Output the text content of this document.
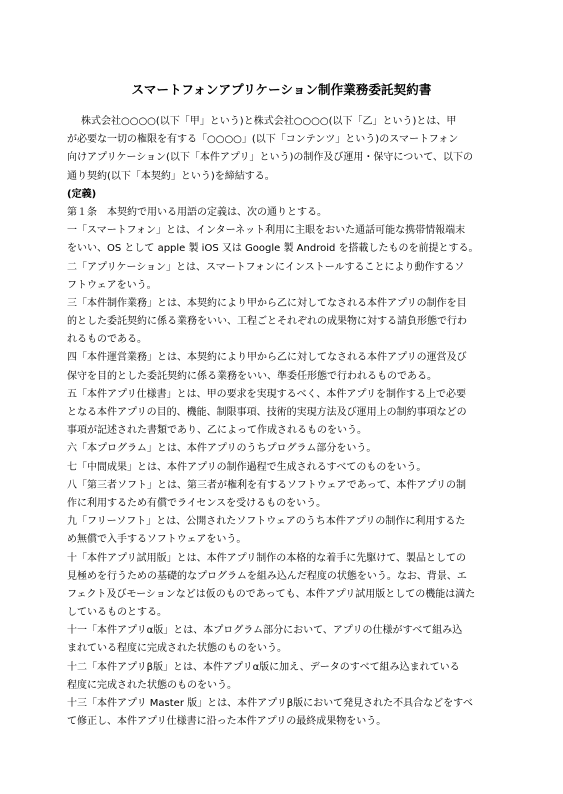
スマートフォンアプリケーション制作業務委託契約書
株式会社○○○○(以下「甲」という)と株式会社○○○○(以下「乙」という)とは、甲
が必要な一切の権限を有する「○○○○」(以下「コンテンツ」という)のスマートフォン
向けアプリケーション(以下「本件アプリ」という)の制作及び運用・保守について、以下の
通り契約(以下「本契約」という)を締結する。
(定義)
第１条　本契約で用いる用語の定義は、次の通りとする。
一「スマートフォン」とは、インターネット利用に主眼をおいた通話可能な携帯情報端末
をいい、OS として apple 製 iOS 又は Google 製 Android を搭載したものを前提とする。
二「アプリケーション」とは、スマートフォンにインストールすることにより動作するソ
フトウェアをいう。
三「本件制作業務」とは、本契約により甲から乙に対してなされる本件アプリの制作を目
的とした委託契約に係る業務をいい、工程ごとそれぞれの成果物に対する請負形態で行わ
れるものである。
四「本件運営業務」とは、本契約により甲から乙に対してなされる本件アプリの運営及び
保守を目的とした委託契約に係る業務をいい、準委任形態で行われるものである。
五「本件アプリ仕様書」とは、甲の要求を実現するべく、本件アプリを制作する上で必要
となる本件アプリの目的、機能、制限事項、技術的実現方法及び運用上の制約事項などの
事項が記述された書類であり、乙によって作成されるものをいう。
六「本プログラム」とは、本件アプリのうちプログラム部分をいう。
七「中間成果」とは、本件アプリの制作過程で生成されるすべてのものをいう。
八「第三者ソフト」とは、第三者が権利を有するソフトウェアであって、本件アプリの制
作に利用するため有償でライセンスを受けるものをいう。
九「フリーソフト」とは、公開されたソフトウェアのうち本件アプリの制作に利用するた
め無償で入手するソフトウェアをいう。
十「本件アプリ試用版」とは、本件アプリ制作の本格的な着手に先駆けて、製品としての
見極めを行うための基礎的なプログラムを組み込んだ程度の状態をいう。なお、背景、エ
フェクト及びモーションなどは仮のものであっても、本件アプリ試用版としての機能は満た
しているものとする。
十一「本件アプリα版」とは、本プログラム部分において、アプリの仕様がすべて組み込
まれている程度に完成された状態のものをいう。
十二「本件アプリβ版」とは、本件アプリα版に加え、データのすべて組み込まれている
程度に完成された状態のものをいう。
十三「本件アプリ Master 版」とは、本件アプリβ版において発見された不具合などをすべ
て修正し、本件アプリ仕様書に沿った本件アプリの最終成果物をいう。
